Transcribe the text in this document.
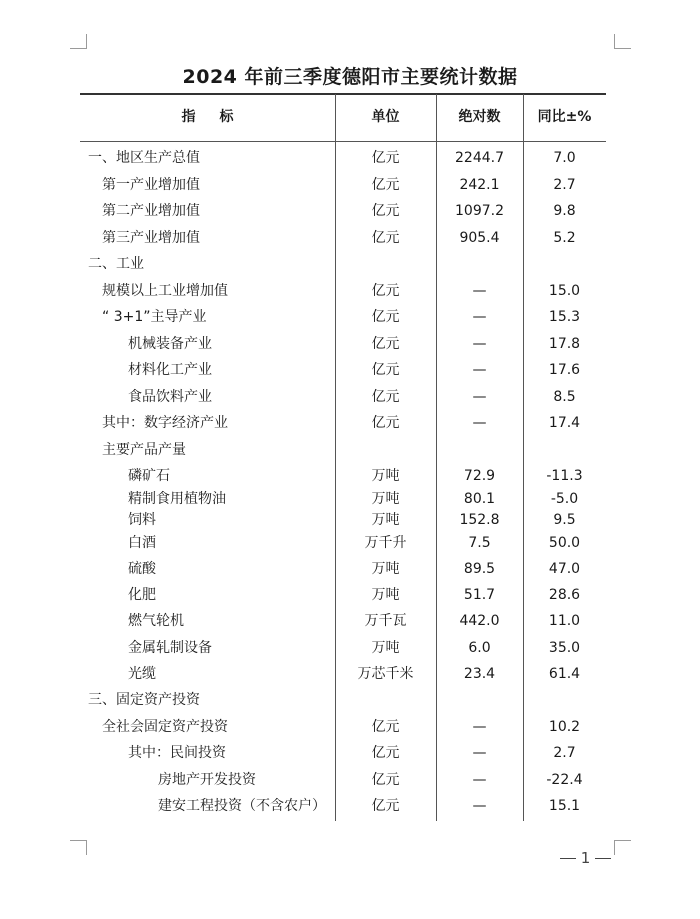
2024 年前三季度德阳市主要统计数据
指标	单位	绝对数	同比±%
一、地区生产总值	亿元	2244.7	7.0
第一产业增加值	亿元	242.1	2.7
第二产业增加值	亿元	1097.2	9.8
第三产业增加值	亿元	905.4	5.2
二、工业
规模以上工业增加值	亿元	—	15.0
“ 3+1”主导产业	亿元	—	15.3
机械装备产业	亿元	—	17.8
材料化工产业	亿元	—	17.6
食品饮料产业	亿元	—	8.5
其中：数字经济产业	亿元	—	17.4
主要产品产量
磷矿石	万吨	72.9	-11.3
精制食用植物油	万吨	80.1	-5.0
饲料	万吨	152.8	9.5
白酒	万千升	7.5	50.0
硫酸	万吨	89.5	47.0
化肥	万吨	51.7	28.6
燃气轮机	万千瓦	442.0	11.0
金属轧制设备	万吨	6.0	35.0
光缆	万芯千米	23.4	61.4
三、固定资产投资
全社会固定资产投资	亿元	—	10.2
其中：民间投资	亿元	—	2.7
房地产开发投资	亿元	—	-22.4
建安工程投资（不含农户）	亿元	—	15.1
1
